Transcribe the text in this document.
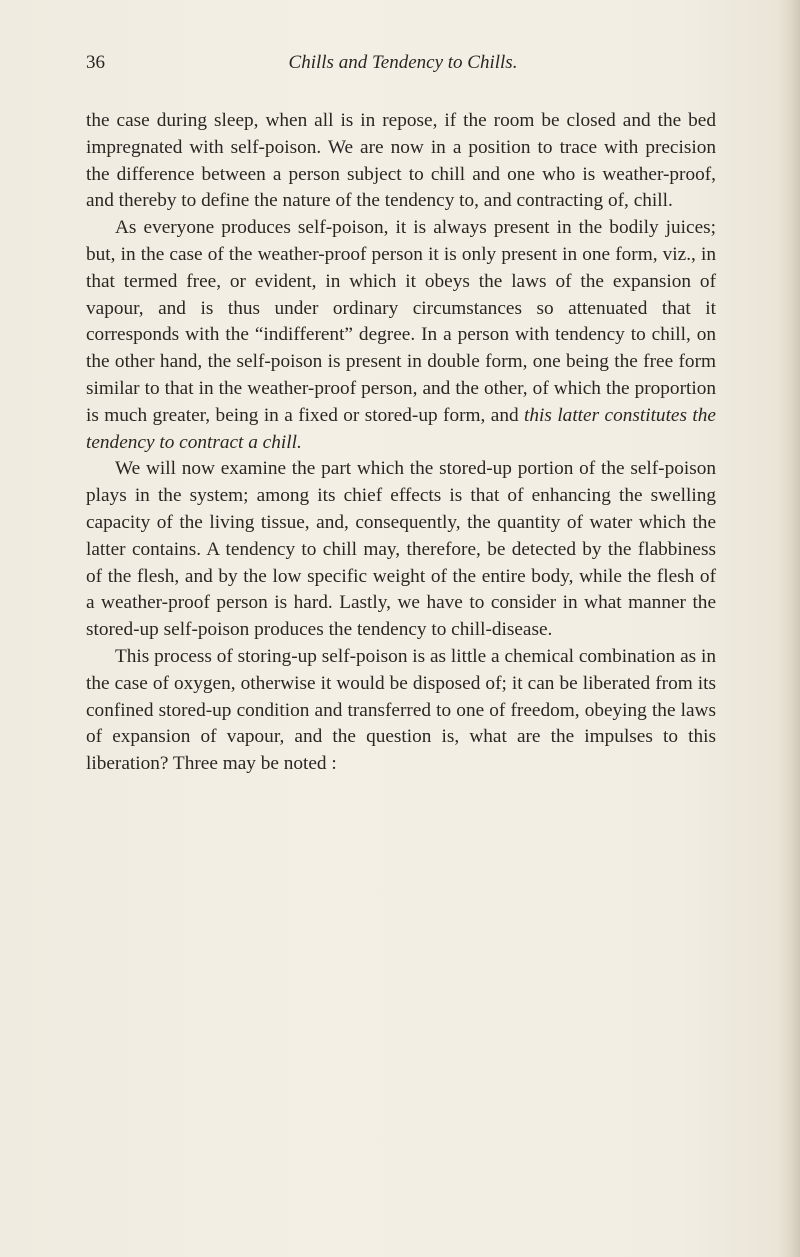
36	Chills and Tendency to Chills.

the case during sleep, when all is in repose, if the room be closed and the bed impregnated with self-poison. We are now in a position to trace with precision the difference between a person subject to chill and one who is weather-proof, and thereby to define the nature of the tendency to, and contracting of, chill.

As everyone produces self-poison, it is always present in the bodily juices; but, in the case of the weather-proof person it is only present in one form, viz., in that termed free, or evident, in which it obeys the laws of the expansion of vapour, and is thus under ordinary circumstances so attenuated that it corresponds with the “indifferent” degree. In a person with tendency to chill, on the other hand, the self-poison is present in double form, one being the free form similar to that in the weather-proof person, and the other, of which the proportion is much greater, being in a fixed or stored-up form, and this latter constitutes the tendency to contract a chill.

We will now examine the part which the stored-up portion of the self-poison plays in the system; among its chief effects is that of enhancing the swelling capacity of the living tissue, and, consequently, the quantity of water which the latter contains. A tendency to chill may, therefore, be detected by the flabbiness of the flesh, and by the low specific weight of the entire body, while the flesh of a weather-proof person is hard. Lastly, we have to consider in what manner the stored-up self-poison produces the tendency to chill-disease.

This process of storing-up self-poison is as little a chemical combination as in the case of oxygen, otherwise it would be disposed of; it can be liberated from its confined stored-up condition and transferred to one of freedom, obeying the laws of expansion of vapour, and the question is, what are the impulses to this liberation? Three may be noted :
